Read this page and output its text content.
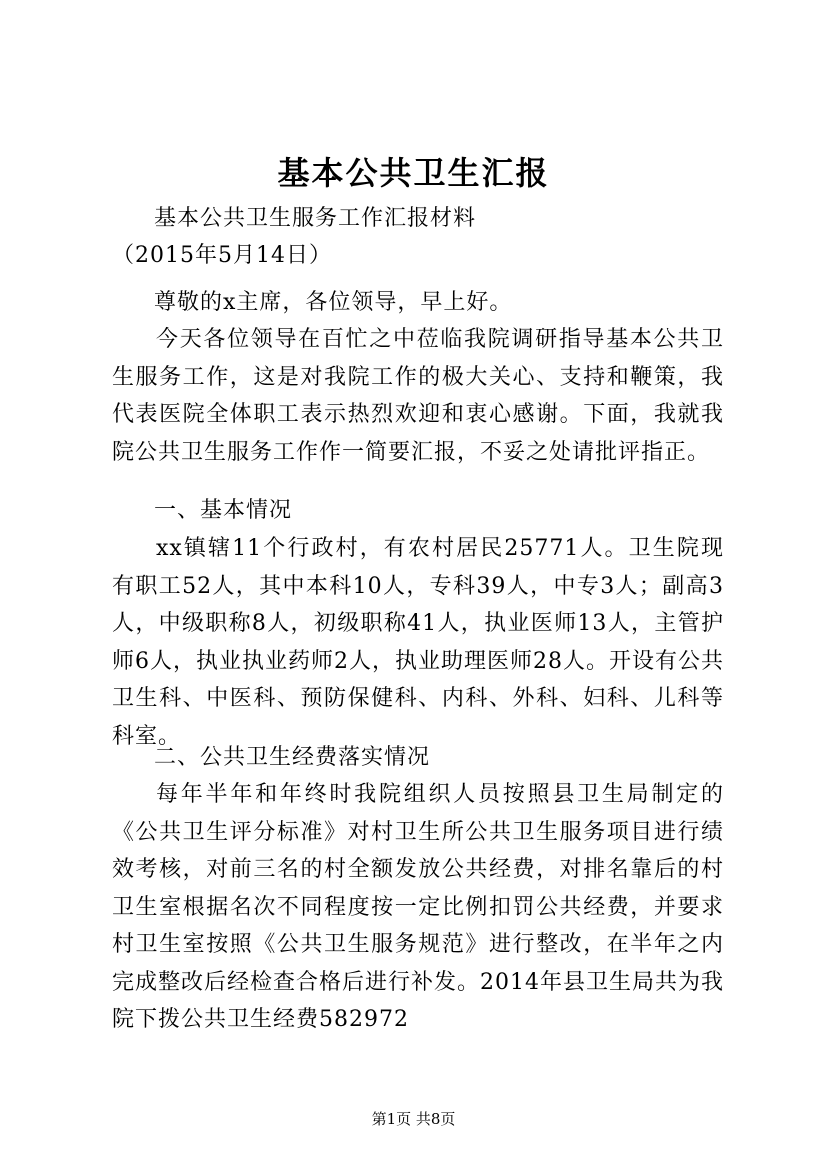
基本公共卫生汇报
基本公共卫生服务工作汇报材料
（2015年5月14日）
尊敬的x主席，各位领导，早上好。
今天各位领导在百忙之中莅临我院调研指导基本公共卫生服务工作，这是对我院工作的极大关心、支持和鞭策，我代表医院全体职工表示热烈欢迎和衷心感谢。下面，我就我院公共卫生服务工作作一简要汇报，不妥之处请批评指正。
一、基本情况
xx镇辖11个行政村，有农村居民25771人。卫生院现有职工52人，其中本科10人，专科39人，中专3人；副高3人，中级职称8人，初级职称41人，执业医师13人，主管护师6人，执业执业药师2人，执业助理医师28人。开设有公共卫生科、中医科、预防保健科、内科、外科、妇科、儿科等科室。
二、公共卫生经费落实情况
每年半年和年终时我院组织人员按照县卫生局制定的《公共卫生评分标准》对村卫生所公共卫生服务项目进行绩效考核，对前三名的村全额发放公共经费，对排名靠后的村卫生室根据名次不同程度按一定比例扣罚公共经费，并要求村卫生室按照《公共卫生服务规范》进行整改，在半年之内完成整改后经检查合格后进行补发。2014年县卫生局共为我院下拨公共卫生经费582972
第1页 共8页
